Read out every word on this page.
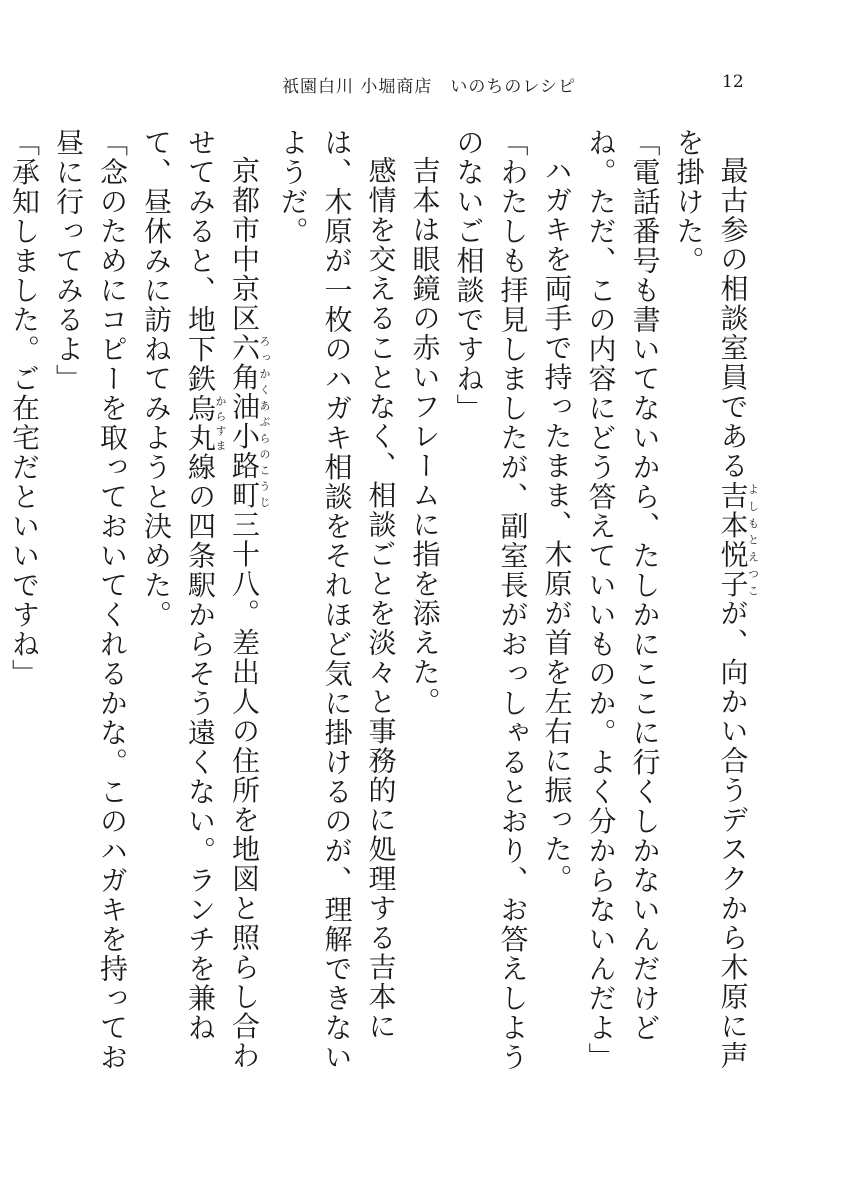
祇園白川 小堀商店　いのちのレシピ	12

最古参の相談室員である吉本悦子よしもとえつこが、向かい合うデスクから木原に声を掛けた。

「電話番号も書いてないから、たしかにここに行くしかないんだけどね。ただ、この内容にどう答えていいものか。よく分からないんだよ」

ハガキを両手で持ったまま、木原が首を左右に振った。

「わたしも拝見しましたが、副室長がおっしゃるとおり、お答えしようのないご相談ですね」

吉本は眼鏡の赤いフレームに指を添えた。

感情を交えることなく、相談ごとを淡々と事務的に処理する吉本には、木原が一枚のハガキ相談をそれほど気に掛けるのが、理解できないようだ。

京都市中京区六角油小路町ろっかくあぶらのこうじ三十八。差出人の住所を地図と照らし合わせてみると、地下鉄烏丸からすま線の四条駅からそう遠くない。ランチを兼ねて、昼休みに訪ねてみようと決めた。

「念のためにコピーを取っておいてくれるかな。このハガキを持ってお昼に行ってみるよ」

「承知しました。ご在宅だといいですね」
